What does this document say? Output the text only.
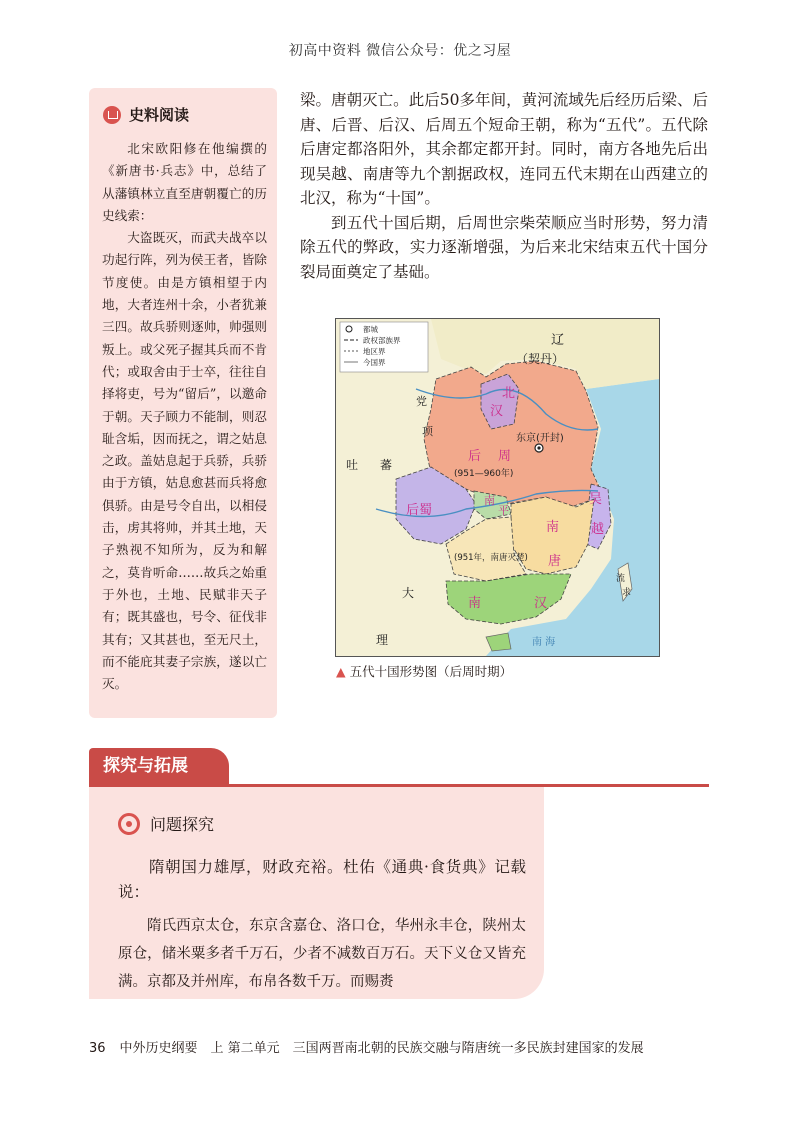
初高中资料 微信公众号：优之习屋
史料阅读

北宋欧阳修在他编撰的《新唐书·兵志》中，总结了从藩镇林立直至唐朝覆亡的历史线索：

大盗既灭，而武夫战卒以功起行阵，列为侯王者，皆除节度使。由是方镇相望于内地，大者连州十余，小者犹兼三四。故兵骄则逐帅，帅强则叛上。或父死子握其兵而不肯代；或取舍由于士卒，往往自择将吏，号为“留后”，以邀命于朝。天子顾力不能制，则忍耻含垢，因而抚之，谓之姑息之政。盖姑息起于兵骄，兵骄由于方镇，姑息愈甚而兵将愈俱骄。由是号令自出，以相侵击，虏其将帅，并其土地，天子熟视不知所为，反为和解之，莫肯听命……故兵之始重于外也，土地、民赋非天子有；既其盛也，号令、征伐非其有；又其甚也，至无尺土，而不能庇其妻子宗族，遂以亡灭。

梁。唐朝灭亡。此后50多年间，黄河流域先后经历后梁、后唐、后晋、后汉、后周五个短命王朝，称为“五代”。五代除后唐定都洛阳外，其余都定都开封。同时，南方各地先后出现吴越、南唐等九个割据政权，连同五代末期在山西建立的北汉，称为“十国”。

到五代十国后期，后周世宗柴荣顺应当时形势，努力清除五代的弊政，实力逐渐增强，为后来北宋结束五代十国分裂局面奠定了基础。

都城
政权部族界
地区界
今国界
辽
（契丹）
北
汉
东京(开封)
后 周
(951—960年)
党
项
吐 蕃
后蜀
南
平
吴
越
南
唐
(951年，南唐灭楚)
南	汉
大
理
流
求
南 海
▲ 五代十国形势图（后周时期）
探究与拓展
问题探究

隋朝国力雄厚，财政充裕。杜佑《通典·食货典》记载说：

隋氏西京太仓，东京含嘉仓、洛口仓，华州永丰仓，陕州太原仓，储米粟多者千万石，少者不减数百万石。天下义仓又皆充满。京都及并州库，布帛各数千万。而赐赉

36 中外历史纲要　上 第二单元　三国两晋南北朝的民族交融与隋唐统一多民族封建国家的发展
